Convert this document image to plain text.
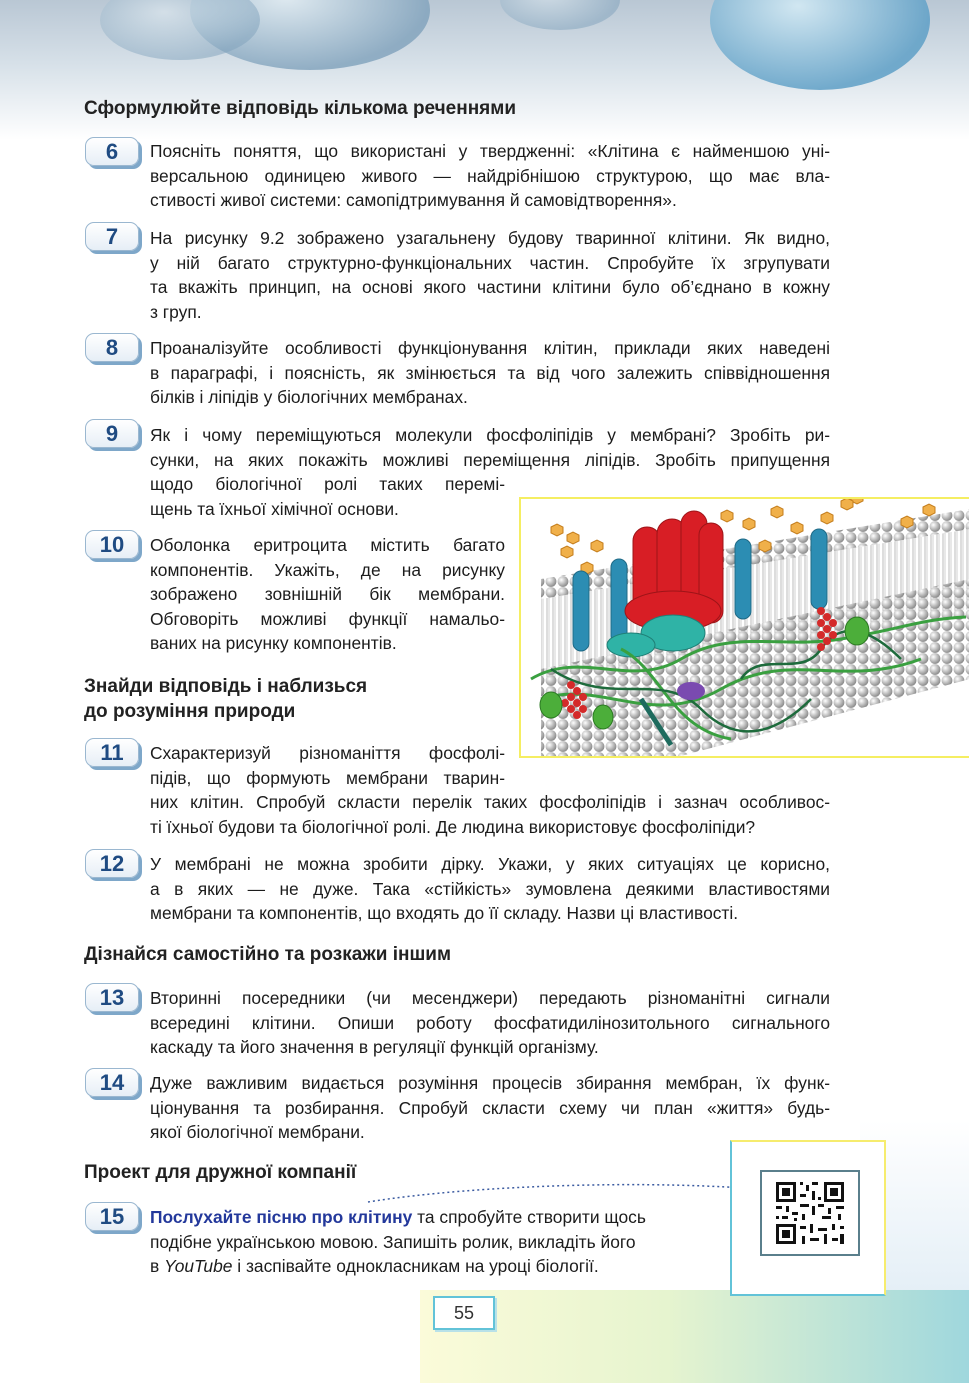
Сформулюйте відповідь кількома реченнями
6	Поясніть поняття, що використані у твердженні: «Клітина є найменшою уні-
версальною одиницею живого — найдрібнішою структурою, що має вла-
стивості живої системи: самопідтримування й самовідтворення».
7	На рисунку 9.2 зображено узагальнену будову тваринної клітини. Як видно,
у ній багато структурно-функціональних частин. Спробуйте їх згрупувати
та вкажіть принцип, на основі якого частини клітини було об’єднано в кожну
з груп.
8	Проаналізуйте особливості функціонування клітин, приклади яких наведені
в параграфі, і поясність, як змінюється та від чого залежить співвідношення
білків і ліпідів у біологічних мембранах.
9	Як і чому переміщуються молекули фосфоліпідів у мембрані? Зробіть ри-
сунки, на яких покажіть можливі переміщення ліпідів. Зробіть припущення
щодо біологічної ролі таких перемі-
щень та їхньої хімічної основи.
10	Оболонка еритроцита містить багато
компонентів. Укажіть, де на рисунку
зображено зовнішній бік мембрани.
Обговоріть можливі функції намальо-
ваних на рисунку компонентів.
Знайди відповідь і наблизься
до розуміння природи
11	Схарактеризуй різноманіття фосфолі-
підів, що формують мембрани тварин-
них клітин. Спробуй скласти перелік таких фосфоліпідів і зазнач особливос-
ті їхньої будови та біологічної ролі. Де людина використовує фосфоліпіди?
12	У мембрані не можна зробити дірку. Укажи, у яких ситуаціях це корисно,
а в яких — не дуже. Така «стійкість» зумовлена деякими властивостями
мембрани та компонентів, що входять до її складу. Назви ці властивості.
Дізнайся самостійно та розкажи іншим
13	Вторинні посередники (чи месенджери) передають різноманітні сигнали
всередині клітини. Опиши роботу фосфатидилінозитольного сигнального
каскаду та його значення в регуляції функцій організму.
14	Дуже важливим видається розуміння процесів збирання мембран, їх функ-
ціонування та розбирання. Спробуй скласти схему чи план «життя» будь-
якої біологічної мембрани.
Проект для дружної компанії
15	Послухайте пісню про клітину та спробуйте створити щось
подібне українською мовою. Запишіть ролик, викладіть його
в YouTube і заспівайте однокласникам на уроці біології.
55
